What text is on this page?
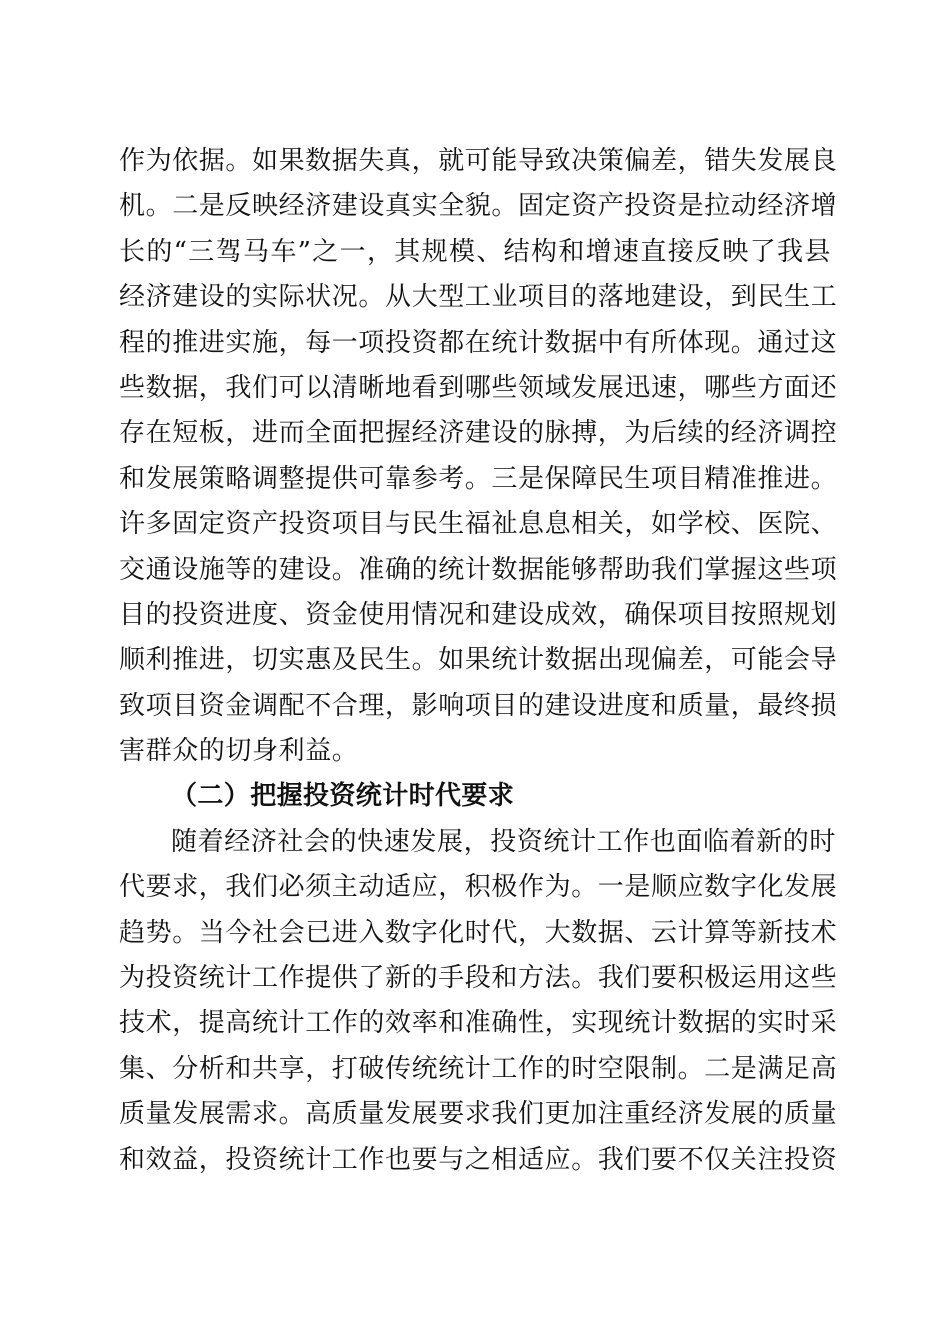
作为依据。如果数据失真，就可能导致决策偏差，错失发展良
机。二是反映经济建设真实全貌。固定资产投资是拉动经济增
长的“三驾马车”之一，其规模、结构和增速直接反映了我县
经济建设的实际状况。从大型工业项目的落地建设，到民生工
程的推进实施，每一项投资都在统计数据中有所体现。通过这
些数据，我们可以清晰地看到哪些领域发展迅速，哪些方面还
存在短板，进而全面把握经济建设的脉搏，为后续的经济调控
和发展策略调整提供可靠参考。三是保障民生项目精准推进。
许多固定资产投资项目与民生福祉息息相关，如学校、医院、
交通设施等的建设。准确的统计数据能够帮助我们掌握这些项
目的投资进度、资金使用情况和建设成效，确保项目按照规划
顺利推进，切实惠及民生。如果统计数据出现偏差，可能会导
致项目资金调配不合理，影响项目的建设进度和质量，最终损
害群众的切身利益。
（二）把握投资统计时代要求
随着经济社会的快速发展，投资统计工作也面临着新的时
代要求，我们必须主动适应，积极作为。一是顺应数字化发展
趋势。当今社会已进入数字化时代，大数据、云计算等新技术
为投资统计工作提供了新的手段和方法。我们要积极运用这些
技术，提高统计工作的效率和准确性，实现统计数据的实时采
集、分析和共享，打破传统统计工作的时空限制。二是满足高
质量发展需求。高质量发展要求我们更加注重经济发展的质量
和效益，投资统计工作也要与之相适应。我们要不仅关注投资
